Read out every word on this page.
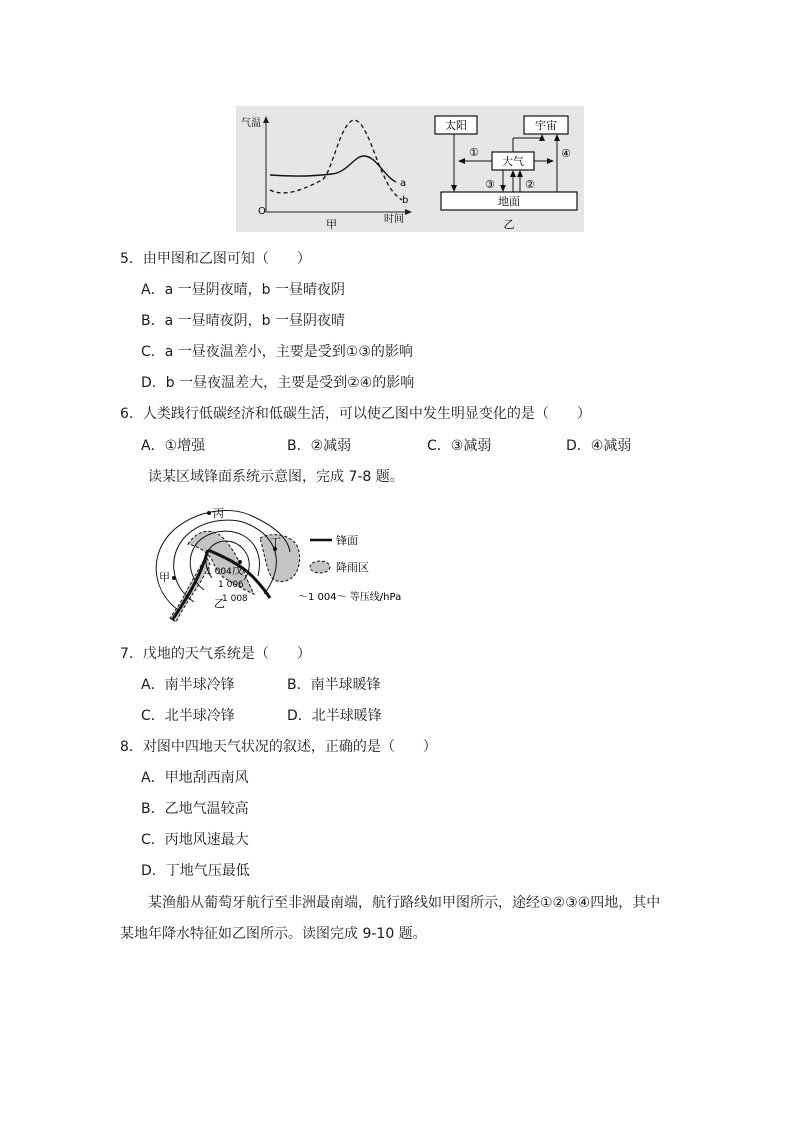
气温
O
时间
a
b
甲
太阳	宇宙
大气
地面
①
③	②
④
乙
5．由甲图和乙图可知（　　）
A．a 一昼阴夜晴，b 一昼晴夜阴
B．a 一昼晴夜阴，b 一昼阴夜晴
C．a 一昼夜温差小，主要是受到①③的影响
D．b 一昼夜温差大，主要是受到②④的影响
6．人类践行低碳经济和低碳生活，可以使乙图中发生明显变化的是（　　）
A．①增强	B．②减弱	C．③减弱	D．④减弱
读某区域锋面系统示意图，完成 7-8 题。
丙
丁
甲
戊
乙
1 004
1 006
1 008
锋面
降雨区
～1 004～ 等压线/hPa
7．戊地的天气系统是（　　）
A．南半球冷锋	B．南半球暖锋
C．北半球冷锋	D．北半球暖锋
8．对图中四地天气状况的叙述，正确的是（　　）
A．甲地刮西南风
B．乙地气温较高
C．丙地风速最大
D．丁地气压最低
某渔船从葡萄牙航行至非洲最南端，航行路线如甲图所示，途经①②③④四地，其中
某地年降水特征如乙图所示。读图完成 9-10 题。
